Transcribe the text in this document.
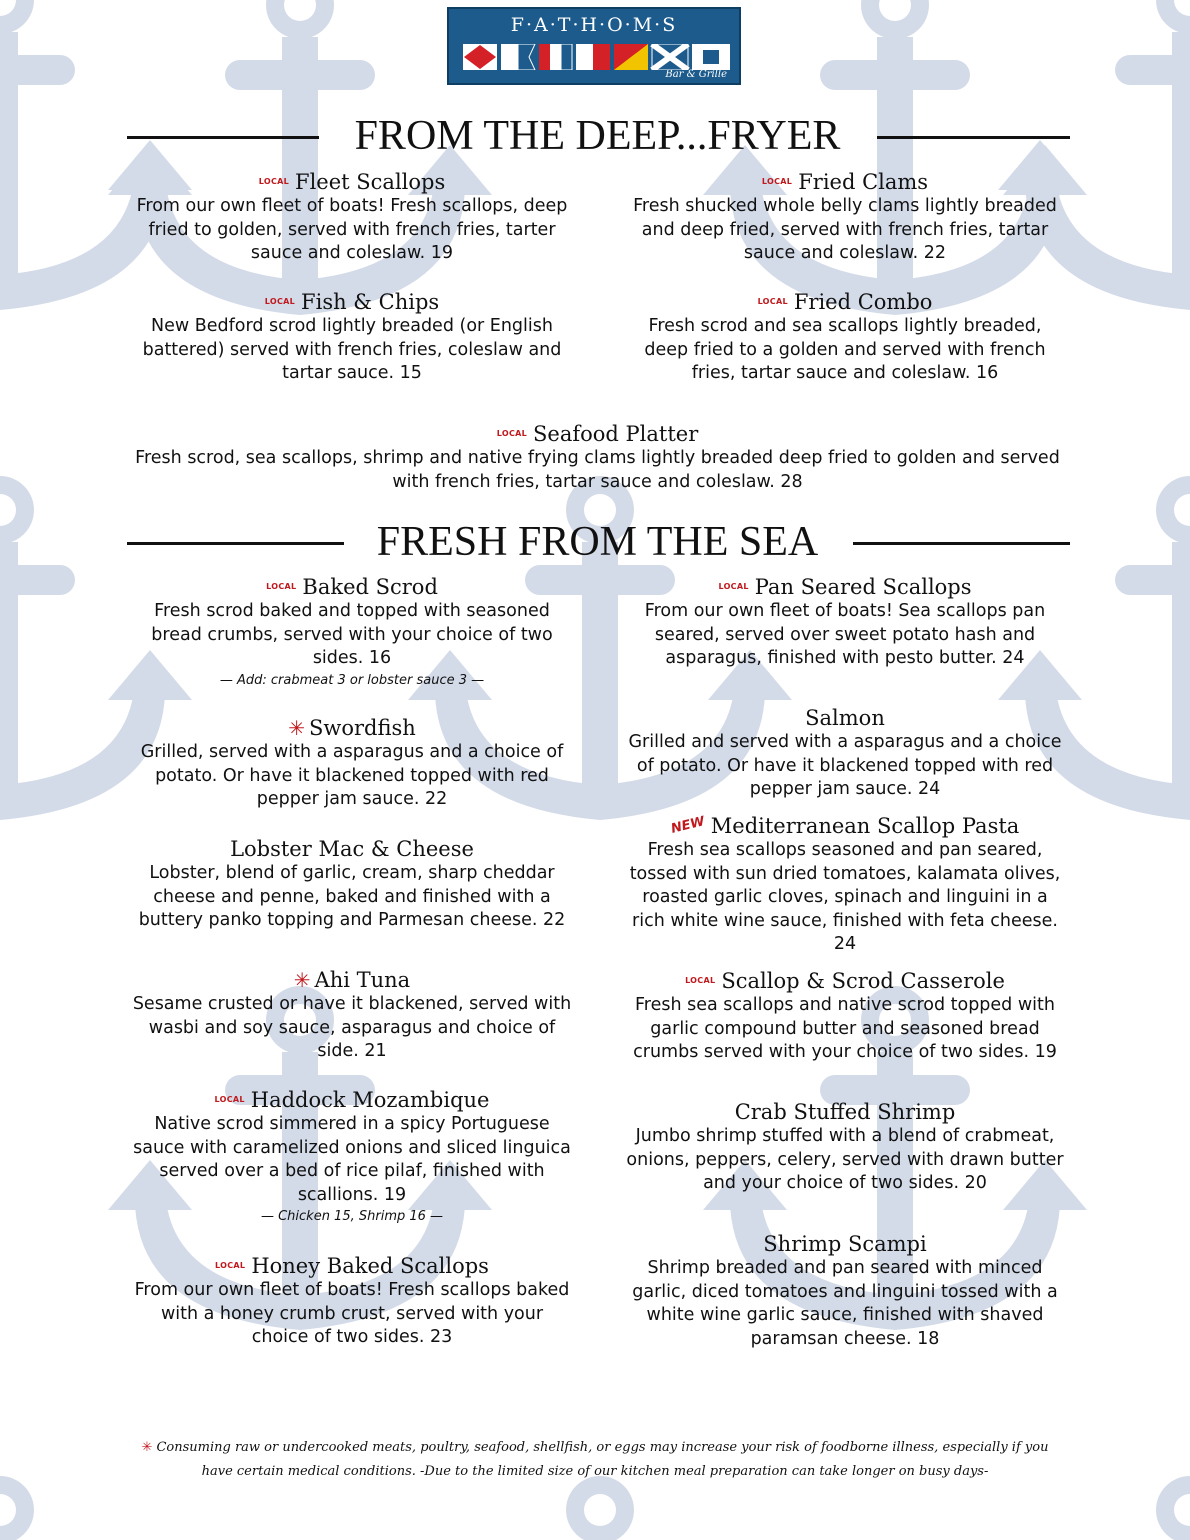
F·A·T·H·O·M·S
Bar & Grille
FROM THE DEEP...FRYER
$^{LOCAL}$ Fleet Scallops
From our own fleet of boats! Fresh scallops, deep fried to golden, served with french fries, tarter sauce and coleslaw. 19
$^{LOCAL}$ Fried Clams
Fresh shucked whole belly clams lightly breaded and deep fried, served with french fries, tartar sauce and coleslaw. 22
$^{LOCAL}$ Fish & Chips
New Bedford scrod lightly breaded (or English battered) served with french fries, coleslaw and tartar sauce. 15
$^{LOCAL}$ Fried Combo
Fresh scrod and sea scallops lightly breaded, deep fried to a golden and served with french fries, tartar sauce and coleslaw. 16
$^{LOCAL}$ Seafood Platter
Fresh scrod, sea scallops, shrimp and native frying clams lightly breaded deep fried to golden and served with french fries, tartar sauce and coleslaw. 28
FRESH FROM THE SEA
$^{LOCAL}$ Baked Scrod
Fresh scrod baked and topped with seasoned bread crumbs, served with your choice of two sides. 16
— Add: crabmeat 3 or lobster sauce 3 —
✳ Swordfish
Grilled, served with a asparagus and a choice of potato. Or have it blackened topped with red pepper jam sauce. 22
Lobster Mac & Cheese
Lobster, blend of garlic, cream, sharp cheddar cheese and penne, baked and finished with a buttery panko topping and Parmesan cheese. 22
✳ Ahi Tuna
Sesame crusted or have it blackened, served with wasbi and soy sauce, asparagus and choice of side. 21
$^{LOCAL}$ Haddock Mozambique
Native scrod simmered in a spicy Portuguese sauce with caramelized onions and sliced linguica served over a bed of rice pilaf, finished with scallions. 19
— Chicken 15, Shrimp 16 —
$^{LOCAL}$ Honey Baked Scallops
From our own fleet of boats! Fresh scallops baked with a honey crumb crust, served with your choice of two sides. 23
$^{LOCAL}$ Pan Seared Scallops
From our own fleet of boats! Sea scallops pan seared, served over sweet potato hash and asparagus, finished with pesto butter. 24
Salmon
Grilled and served with a asparagus and a choice of potato. Or have it blackened topped with red pepper jam sauce. 24
NEW Mediterranean Scallop Pasta
Fresh sea scallops seasoned and pan seared, tossed with sun dried tomatoes, kalamata olives, roasted garlic cloves, spinach and linguini in a rich white wine sauce, finished with feta cheese. 24
$^{LOCAL}$ Scallop & Scrod Casserole
Fresh sea scallops and native scrod topped with garlic compound butter and seasoned bread crumbs served with your choice of two sides. 19
Crab Stuffed Shrimp
Jumbo shrimp stuffed with a blend of crabmeat, onions, peppers, celery, served with drawn butter and your choice of two sides. 20
Shrimp Scampi
Shrimp breaded and pan seared with minced garlic, diced tomatoes and linguini tossed with a white wine garlic sauce, finished with shaved paramsan cheese. 18
✳ Consuming raw or undercooked meats, poultry, seafood, shellfish, or eggs may increase your risk of foodborne illness, especially if you have certain medical conditions. -Due to the limited size of our kitchen meal preparation can take longer on busy days-
